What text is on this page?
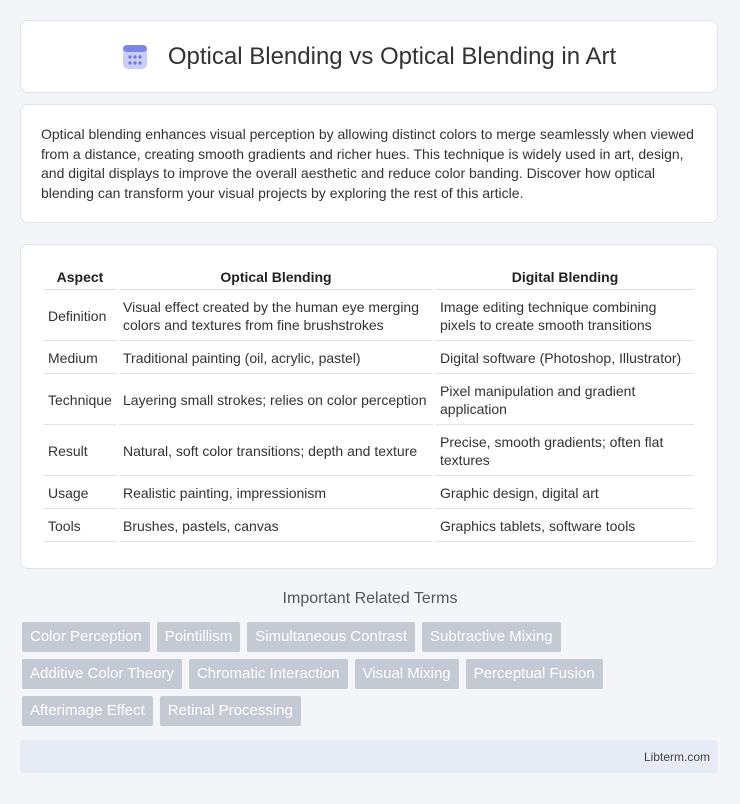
Optical Blending vs Optical Blending in Art

Optical blending enhances visual perception by allowing distinct colors to merge seamlessly when viewed from a distance, creating smooth gradients and richer hues. This technique is widely used in art, design, and digital displays to improve the overall aesthetic and reduce color banding. Discover how optical blending can transform your visual projects by exploring the rest of this article.

Aspect	Optical Blending	Digital Blending
Definition	Visual effect created by the human eye merging colors and textures from fine brushstrokes	Image editing technique combining pixels to create smooth transitions
Medium	Traditional painting (oil, acrylic, pastel)	Digital software (Photoshop, Illustrator)
Technique	Layering small strokes; relies on color perception	Pixel manipulation and gradient application
Result	Natural, soft color transitions; depth and texture	Precise, smooth gradients; often flat textures
Usage	Realistic painting, impressionism	Graphic design, digital art
Tools	Brushes, pastels, canvas	Graphics tablets, software tools
Important Related Terms
Color Perception	Pointillism	Simultaneous Contrast	Subtractive Mixing
Additive Color Theory	Chromatic Interaction	Visual Mixing	Perceptual Fusion
Afterimage Effect	Retinal Processing
Libterm.com
